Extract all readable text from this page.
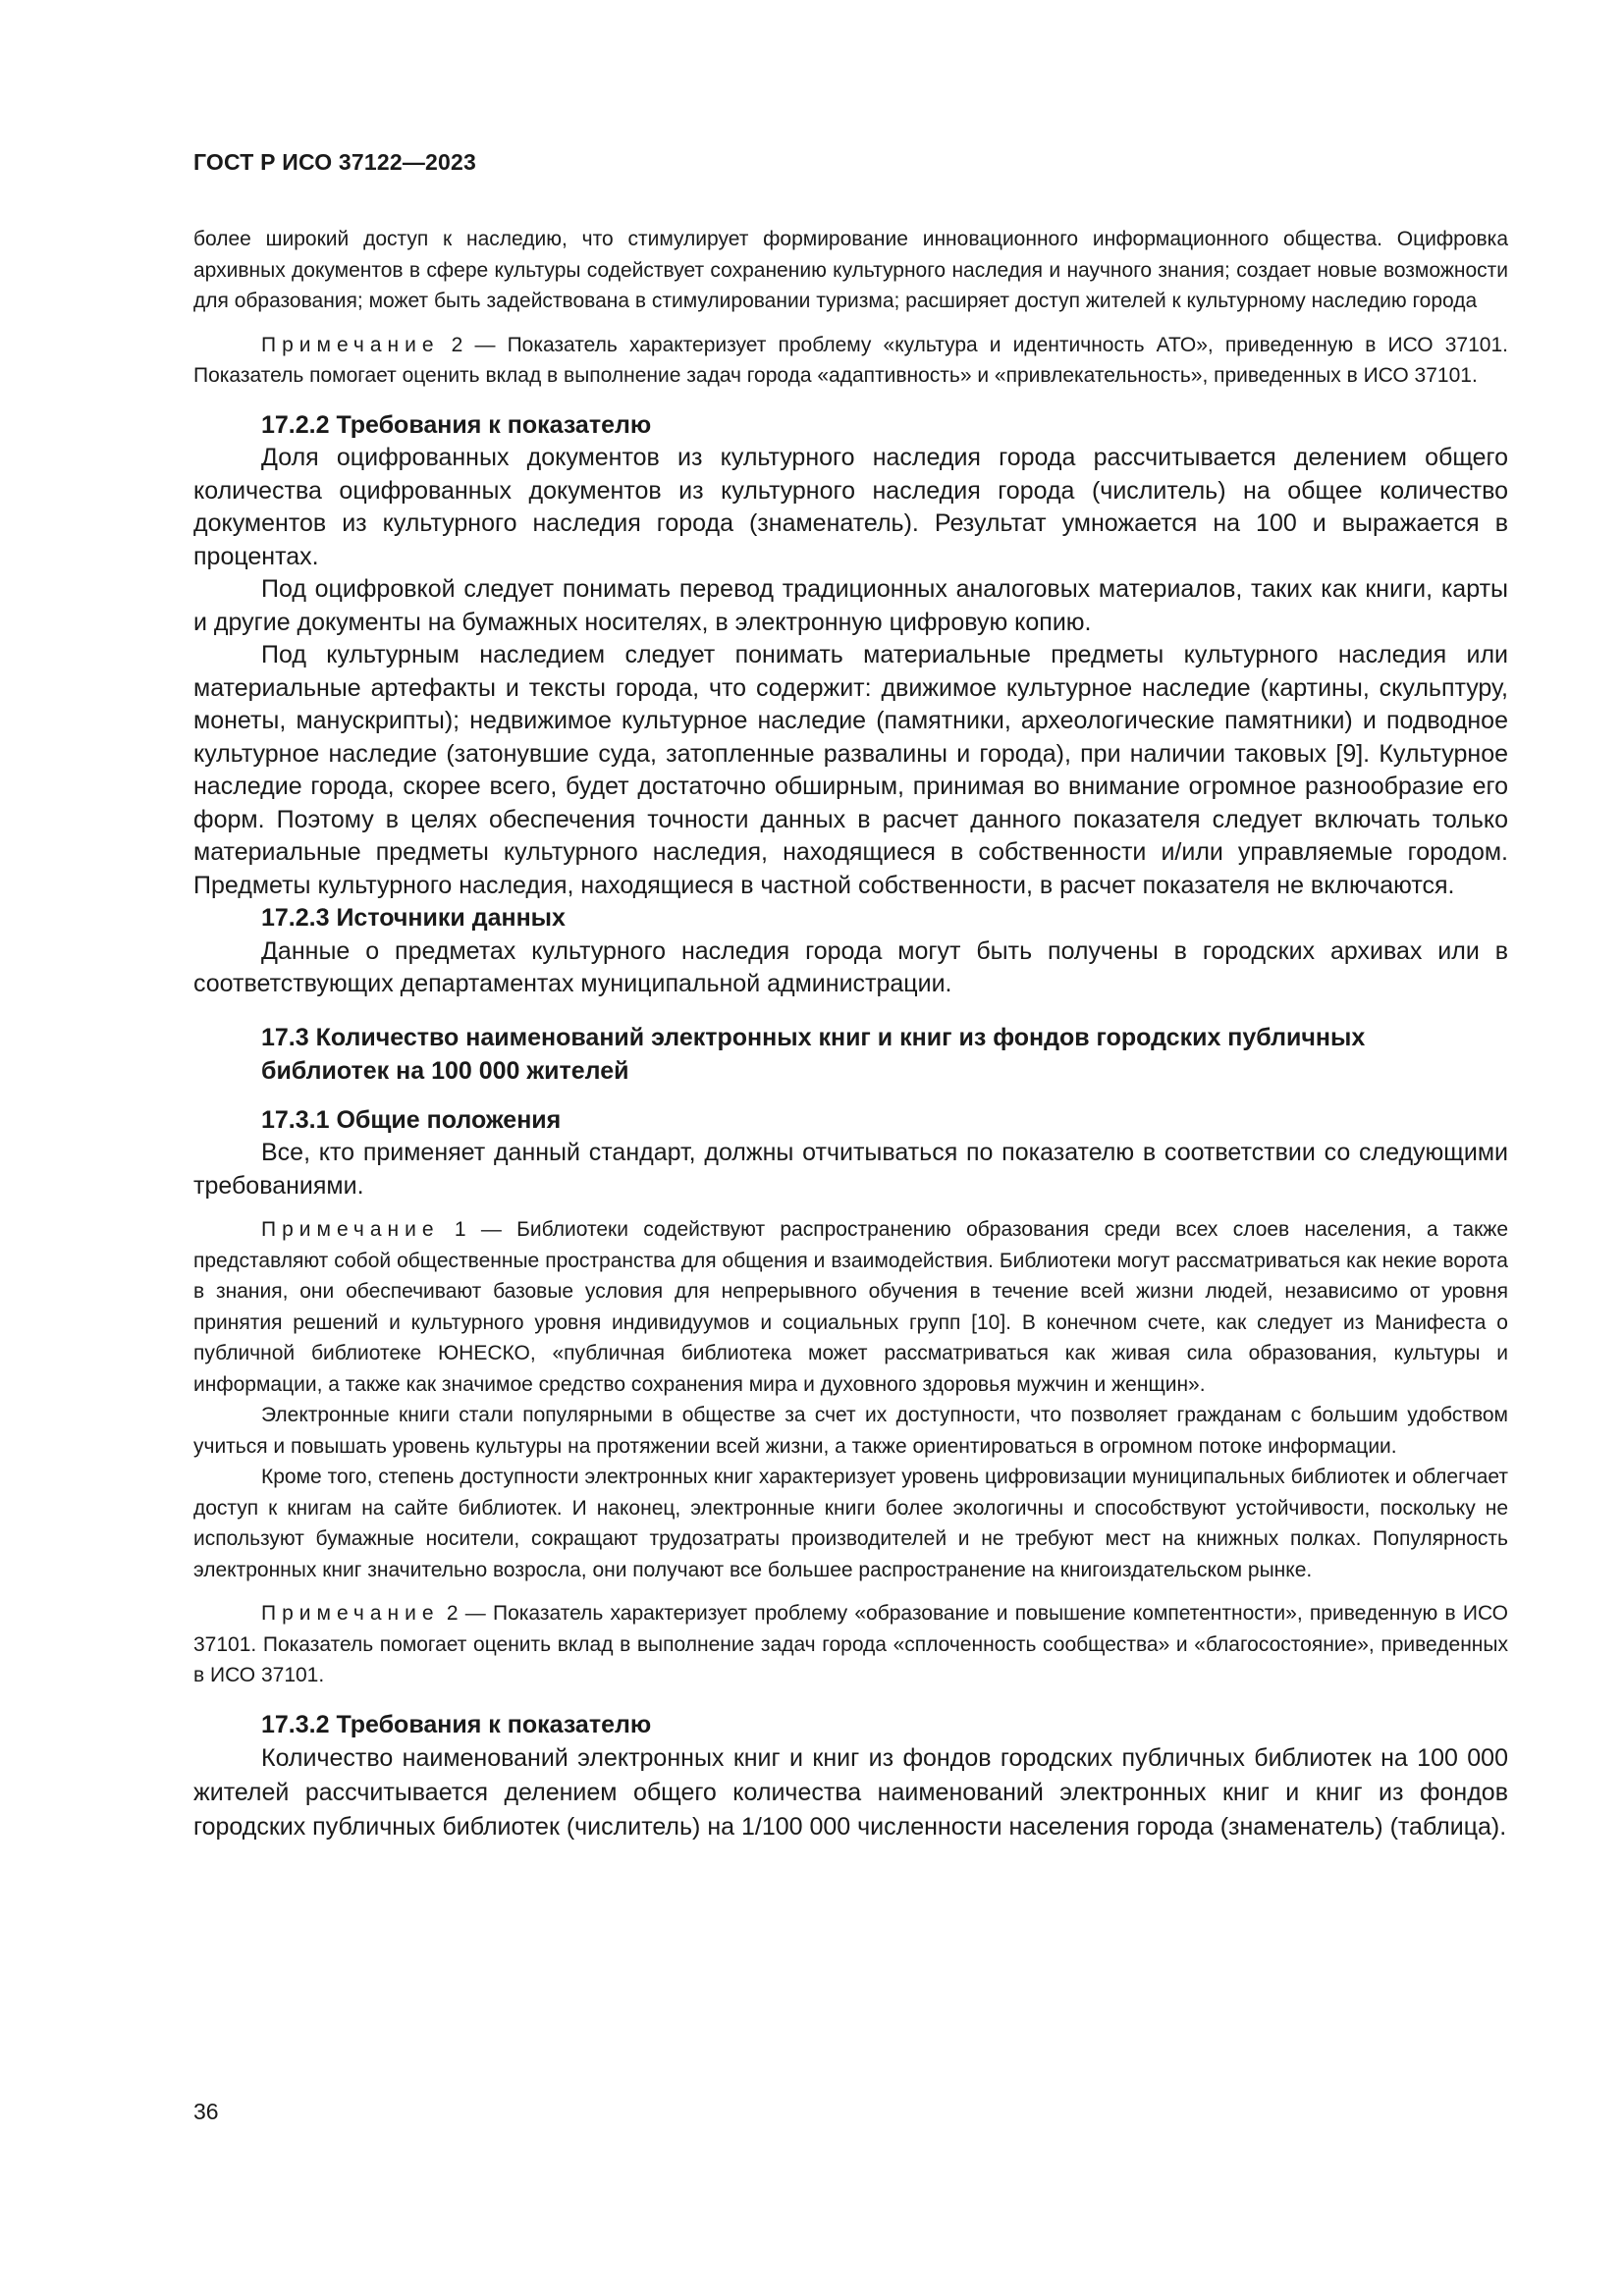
ГОСТ Р ИСО 37122—2023

более широкий доступ к наследию, что стимулирует формирование инновационного информационного общества. Оцифровка архивных документов в сфере культуры содействует сохранению культурного наследия и научного знания; создает новые возможности для образования; может быть задействована в стимулировании туризма; расширяет доступ жителей к культурному наследию города

Примечание 2 — Показатель характеризует проблему «культура и идентичность АТО», приведенную в ИСО 37101. Показатель помогает оценить вклад в выполнение задач города «адаптивность» и «привлекательность», приведенных в ИСО 37101.

17.2.2 Требования к показателю

Доля оцифрованных документов из культурного наследия города рассчитывается делением общего количества оцифрованных документов из культурного наследия города (числитель) на общее количество документов из культурного наследия города (знаменатель). Результат умножается на 100 и выражается в процентах.

Под оцифровкой следует понимать перевод традиционных аналоговых материалов, таких как книги, карты и другие документы на бумажных носителях, в электронную цифровую копию.

Под культурным наследием следует понимать материальные предметы культурного наследия или материальные артефакты и тексты города, что содержит: движимое культурное наследие (картины, скульптуру, монеты, манускрипты); недвижимое культурное наследие (памятники, археологические памятники) и подводное культурное наследие (затонувшие суда, затопленные развалины и города), при наличии таковых [9]. Культурное наследие города, скорее всего, будет достаточно обширным, принимая во внимание огромное разнообразие его форм. Поэтому в целях обеспечения точности данных в расчет данного показателя следует включать только материальные предметы культурного наследия, находящиеся в собственности и/или управляемые городом. Предметы культурного наследия, находящиеся в частной собственности, в расчет показателя не включаются.

17.2.3 Источники данных

Данные о предметах культурного наследия города могут быть получены в городских архивах или в соответствующих департаментах муниципальной администрации.

17.3 Количество наименований электронных книг и книг из фондов городских публичных библиотек на 100 000 жителей

17.3.1 Общие положения

Все, кто применяет данный стандарт, должны отчитываться по показателю в соответствии со следующими требованиями.

Примечание 1 — Библиотеки содействуют распространению образования среди всех слоев населения, а также представляют собой общественные пространства для общения и взаимодействия. Библиотеки могут рассматриваться как некие ворота в знания, они обеспечивают базовые условия для непрерывного обучения в течение всей жизни людей, независимо от уровня принятия решений и культурного уровня индивидуумов и социальных групп [10]. В конечном счете, как следует из Манифеста о публичной библиотеке ЮНЕСКО, «публичная библиотека может рассматриваться как живая сила образования, культуры и информации, а также как значимое средство сохранения мира и духовного здоровья мужчин и женщин».

Электронные книги стали популярными в обществе за счет их доступности, что позволяет гражданам с большим удобством учиться и повышать уровень культуры на протяжении всей жизни, а также ориентироваться в огромном потоке информации.

Кроме того, степень доступности электронных книг характеризует уровень цифровизации муниципальных библиотек и облегчает доступ к книгам на сайте библиотек. И наконец, электронные книги более экологичны и способствуют устойчивости, поскольку не используют бумажные носители, сокращают трудозатраты производителей и не требуют мест на книжных полках. Популярность электронных книг значительно возросла, они получают все большее распространение на книгоиздательском рынке.

Примечание 2 — Показатель характеризует проблему «образование и повышение компетентности», приведенную в ИСО 37101. Показатель помогает оценить вклад в выполнение задач города «сплоченность сообщества» и «благосостояние», приведенных в ИСО 37101.

17.3.2 Требования к показателю

Количество наименований электронных книг и книг из фондов городских публичных библиотек на 100 000 жителей рассчитывается делением общего количества наименований электронных книг и книг из фондов городских публичных библиотек (числитель) на 1/100 000 численности населения города (знаменатель) (таблица).

36
